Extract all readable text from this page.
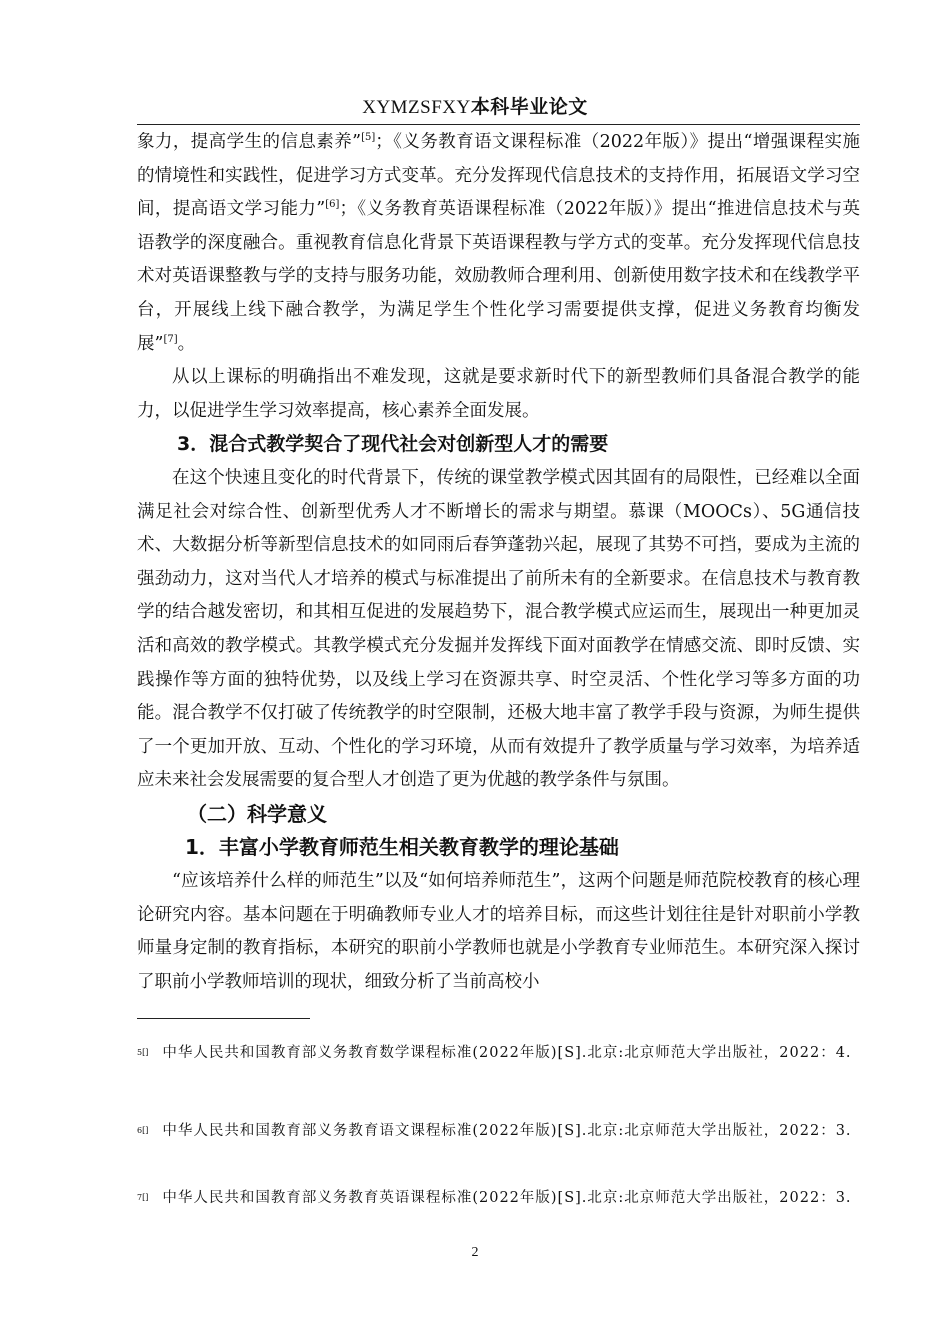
XYMZSFXY本科毕业论文

象力，提高学生的信息素养”[5]；《义务教育语文课程标准（2022年版）》提出“增强课程实施的情境性和实践性，促进学习方式变革。充分发挥现代信息技术的支持作用，拓展语文学习空间，提高语文学习能力”[6]；《义务教育英语课程标准（2022年版）》提出“推进信息技术与英语教学的深度融合。重视教育信息化背景下英语课程教与学方式的变革。充分发挥现代信息技术对英语课整教与学的支持与服务功能，效励教师合理利用、创新使用数字技术和在线教学平台，开展线上线下融合教学，为满足学生个性化学习需要提供支撑，促进义务教育均衡发展”[7]。

从以上课标的明确指出不难发现，这就是要求新时代下的新型教师们具备混合教学的能力，以促进学生学习效率提高，核心素养全面发展。

3．混合式教学契合了现代社会对创新型人才的需要

在这个快速且变化的时代背景下，传统的课堂教学模式因其固有的局限性，已经难以全面满足社会对综合性、创新型优秀人才不断增长的需求与期望。慕课（MOOCs）、5G通信技术、大数据分析等新型信息技术的如同雨后春笋蓬勃兴起，展现了其势不可挡，要成为主流的强劲动力，这对当代人才培养的模式与标准提出了前所未有的全新要求。在信息技术与教育教学的结合越发密切，和其相互促进的发展趋势下，混合教学模式应运而生，展现出一种更加灵活和高效的教学模式。其教学模式充分发掘并发挥线下面对面教学在情感交流、即时反馈、实践操作等方面的独特优势，以及线上学习在资源共享、时空灵活、个性化学习等多方面的功能。混合教学不仅打破了传统教学的时空限制，还极大地丰富了教学手段与资源，为师生提供了一个更加开放、互动、个性化的学习环境，从而有效提升了教学质量与学习效率，为培养适应未来社会发展需要的复合型人才创造了更为优越的教学条件与氛围。

（二）科学意义

1．丰富小学教育师范生相关教育教学的理论基础

“应该培养什么样的师范生”以及“如何培养师范生”，这两个问题是师范院校教育的核心理论研究内容。基本问题在于明确教师专业人才的培养目标，而这些计划往往是针对职前小学教师量身定制的教育指标，本研究的职前小学教师也就是小学教育专业师范生。本研究深入探讨了职前小学教师培训的现状，细致分析了当前高校小

$^{5[]}$ 中华人民共和国教育部义务教育数学课程标准(2022年版)[S].北京:北京师范大学出版社，2022：4.
$^{6[]}$ 中华人民共和国教育部义务教育语文课程标准(2022年版)[S].北京:北京师范大学出版社，2022：3.
$^{7[]}$ 中华人民共和国教育部义务教育英语课程标准(2022年版)[S].北京:北京师范大学出版社，2022：3.
2
